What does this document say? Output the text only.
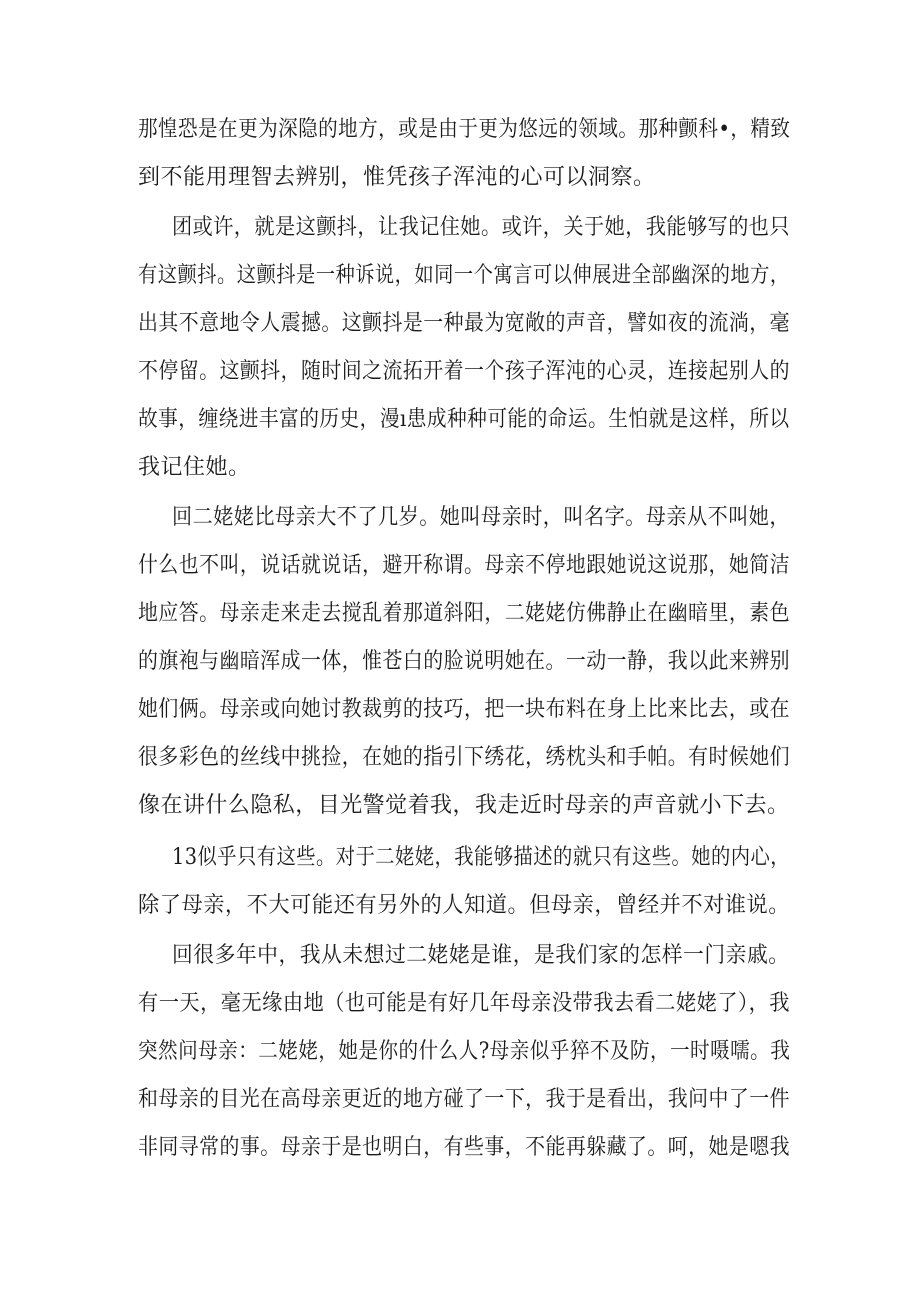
那惶恐是在更为深隐的地方，或是由于更为悠远的领域。那种颤科•，精致
到不能用理智去辨别，惟凭孩子浑沌的心可以洞察。
团或许，就是这颤抖，让我记住她。或许，关于她，我能够写的也只
有这颤抖。这颤抖是一种诉说，如同一个寓言可以伸展进全部幽深的地方，
出其不意地令人震撼。这颤抖是一种最为宽敞的声音，譬如夜的流淌，毫
不停留。这颤抖，随时间之流拓开着一个孩子浑沌的心灵，连接起别人的
故事，缠绕进丰富的历史，漫ı患成种种可能的命运。生怕就是这样，所以
我记住她。
回二姥姥比母亲大不了几岁。她叫母亲时，叫名字。母亲从不叫她，
什么也不叫，说话就说话，避开称谓。母亲不停地跟她说这说那，她简洁
地应答。母亲走来走去搅乱着那道斜阳，二姥姥仿佛静止在幽暗里，素色
的旗袍与幽暗浑成一体，惟苍白的脸说明她在。一动一静，我以此来辨别
她们俩。母亲或向她讨教裁剪的技巧，把一块布料在身上比来比去，或在
很多彩色的丝线中挑捡，在她的指引下绣花，绣枕头和手帕。有时候她们
像在讲什么隐私，目光警觉着我，我走近时母亲的声音就小下去。
13似乎只有这些。对于二姥姥，我能够描述的就只有这些。她的内心，
除了母亲，不大可能还有另外的人知道。但母亲，曾经并不对谁说。
回很多年中，我从未想过二姥姥是谁，是我们家的怎样一门亲戚。
有一天，毫无缘由地（也可能是有好几年母亲没带我去看二姥姥了），我
突然问母亲：二姥姥，她是你的什么人?母亲似乎猝不及防，一时嗫嚅。我
和母亲的目光在高母亲更近的地方碰了一下，我于是看出，我问中了一件
非同寻常的事。母亲于是也明白，有些事，不能再躲藏了。呵，她是嗯我
